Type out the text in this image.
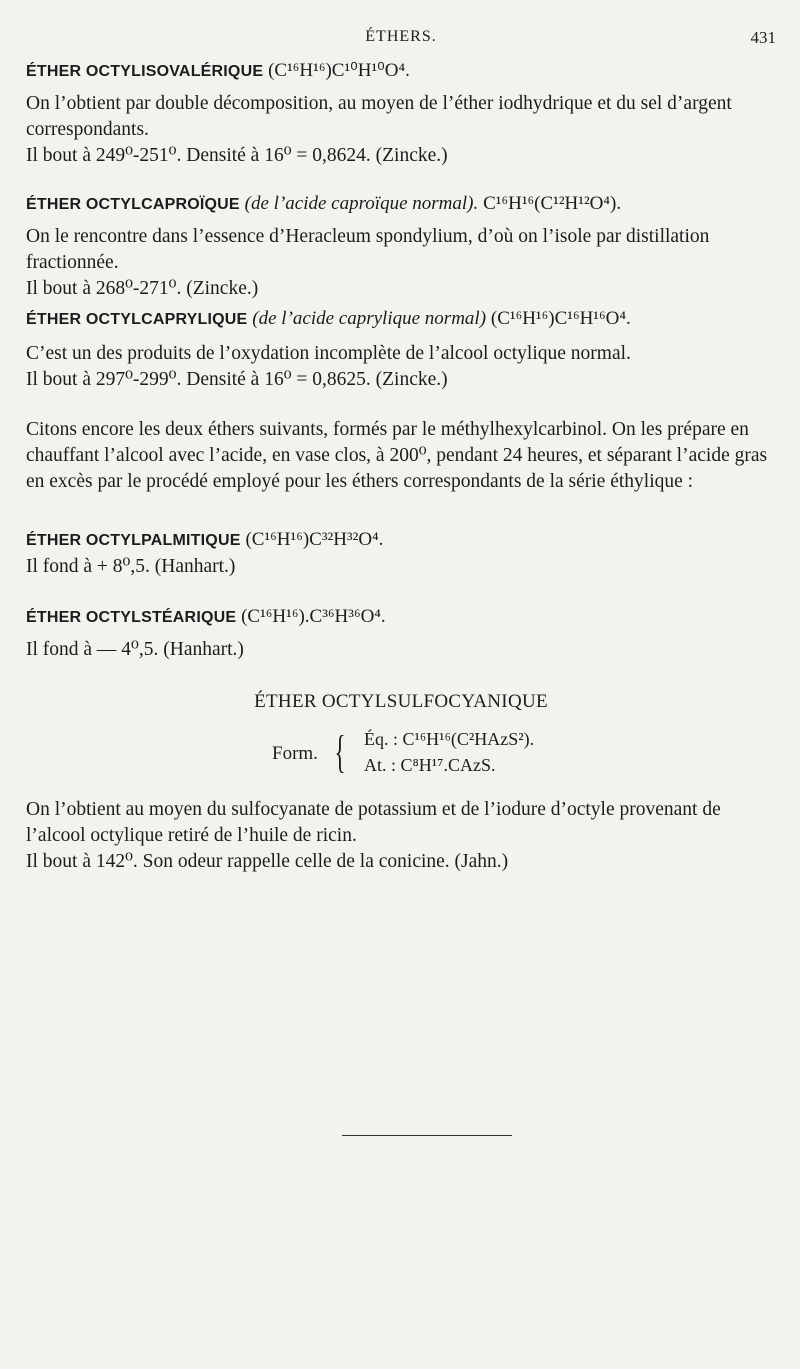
ÉTHERS.	431

ÉTHER OCTYLISOVALÉRIQUE (C¹⁶H¹⁶)C¹⁰H¹⁰O⁴.

On l’obtient par double décomposition, au moyen de l’éther iodhydrique et du sel d’argent correspondants.

Il bout à 249⁰-251⁰. Densité à 16⁰ = 0,8624. (Zincke.)

ÉTHER OCTYLCAPROÏQUE (de l’acide caproïque normal). C¹⁶H¹⁶(C¹²H¹²O⁴).

On le rencontre dans l’essence d’Heracleum spondylium, d’où on l’isole par distillation fractionnée.

Il bout à 268⁰-271⁰. (Zincke.)

ÉTHER OCTYLCAPRYLIQUE (de l’acide caprylique normal) (C¹⁶H¹⁶)C¹⁶H¹⁶O⁴.

C’est un des produits de l’oxydation incomplète de l’alcool octylique normal.

Il bout à 297⁰-299⁰. Densité à 16⁰ = 0,8625. (Zincke.)

Citons encore les deux éthers suivants, formés par le méthylhexylcarbinol. On les prépare en chauffant l’alcool avec l’acide, en vase clos, à 200⁰, pendant 24 heures, et séparant l’acide gras en excès par le procédé employé pour les éthers correspondants de la série éthylique :

ÉTHER OCTYLPALMITIQUE (C¹⁶H¹⁶)C³²H³²O⁴.

Il fond à + 8⁰,5. (Hanhart.)

ÉTHER OCTYLSTÉARIQUE (C¹⁶H¹⁶).C³⁶H³⁶O⁴.

Il fond à — 4⁰,5. (Hanhart.)

ÉTHER OCTYLSULFOCYANIQUE
Form. { Éq. : C¹⁶H¹⁶(C²HAzS²).
At. : C⁸H¹⁷.CAzS.

On l’obtient au moyen du sulfocyanate de potassium et de l’iodure d’octyle provenant de l’alcool octylique retiré de l’huile de ricin.

Il bout à 142⁰. Son odeur rappelle celle de la conicine. (Jahn.)
